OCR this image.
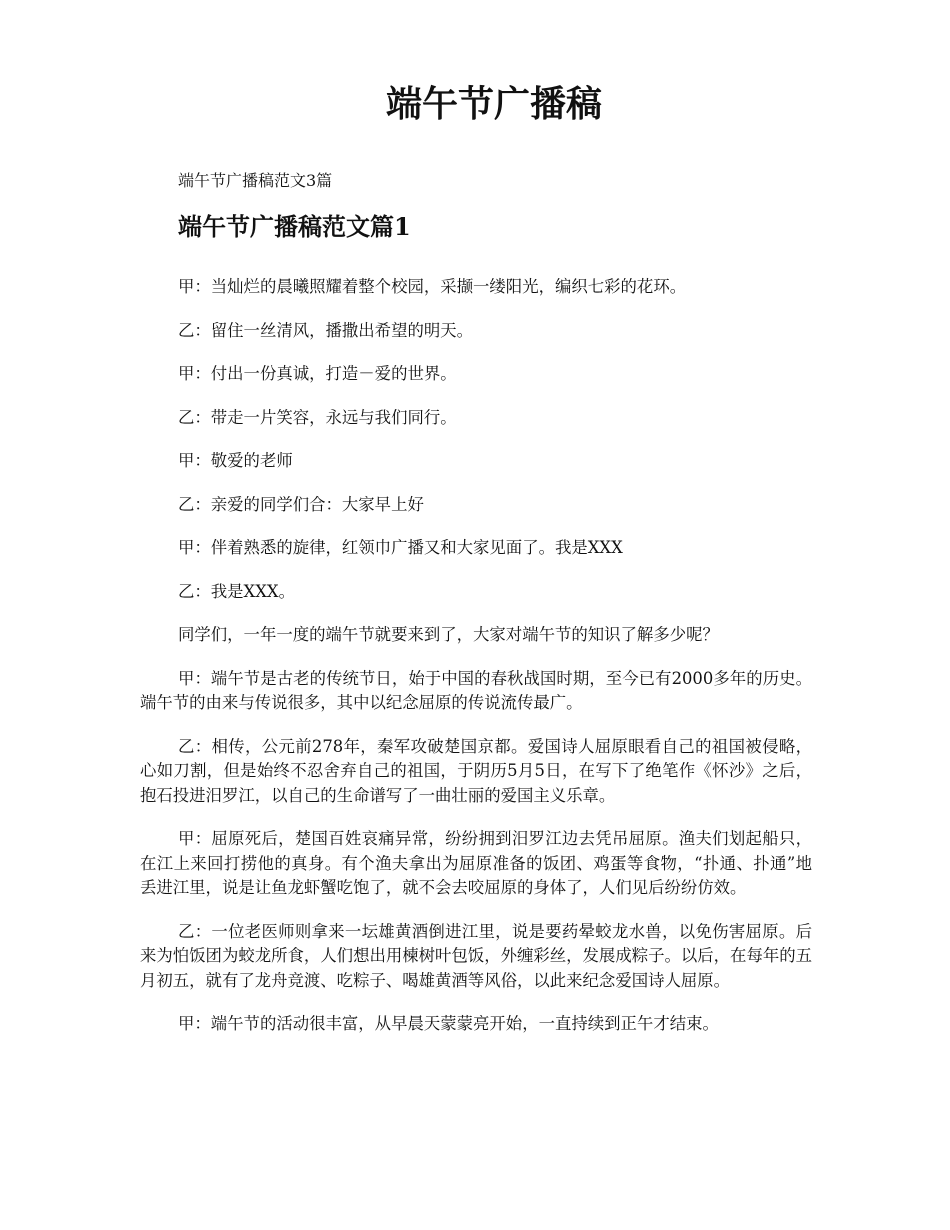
端午节广播稿
端午节广播稿范文3篇
端午节广播稿范文篇1

甲：当灿烂的晨曦照耀着整个校园，采撷一缕阳光，编织七彩的花环。

乙：留住一丝清风，播撒出希望的明天。

甲：付出一份真诚，打造－爱的世界。

乙：带走一片笑容，永远与我们同行。

甲：敬爱的老师

乙：亲爱的同学们合：大家早上好

甲：伴着熟悉的旋律，红领巾广播又和大家见面了。我是XXX

乙：我是XXX。

同学们，一年一度的端午节就要来到了，大家对端午节的知识了解多少呢？

甲：端午节是古老的传统节日，始于中国的春秋战国时期，至今已有2000多年的历史。端午节的由来与传说很多，其中以纪念屈原的传说流传最广。

乙：相传，公元前278年，秦军攻破楚国京都。爱国诗人屈原眼看自己的祖国被侵略，心如刀割，但是始终不忍舍弃自己的祖国，于阴历5月5日，在写下了绝笔作《怀沙》之后，抱石投进汨罗江，以自己的生命谱写了一曲壮丽的爱国主义乐章。

甲：屈原死后，楚国百姓哀痛异常，纷纷拥到汨罗江边去凭吊屈原。渔夫们划起船只，在江上来回打捞他的真身。有个渔夫拿出为屈原准备的饭团、鸡蛋等食物，“扑通、扑通”地丢进江里，说是让鱼龙虾蟹吃饱了，就不会去咬屈原的身体了，人们见后纷纷仿效。

乙：一位老医师则拿来一坛雄黄酒倒进江里，说是要药晕蛟龙水兽，以免伤害屈原。后来为怕饭团为蛟龙所食，人们想出用楝树叶包饭，外缠彩丝，发展成粽子。以后，在每年的五月初五，就有了龙舟竞渡、吃粽子、喝雄黄酒等风俗，以此来纪念爱国诗人屈原。

甲：端午节的活动很丰富，从早晨天蒙蒙亮开始，一直持续到正午才结束。
